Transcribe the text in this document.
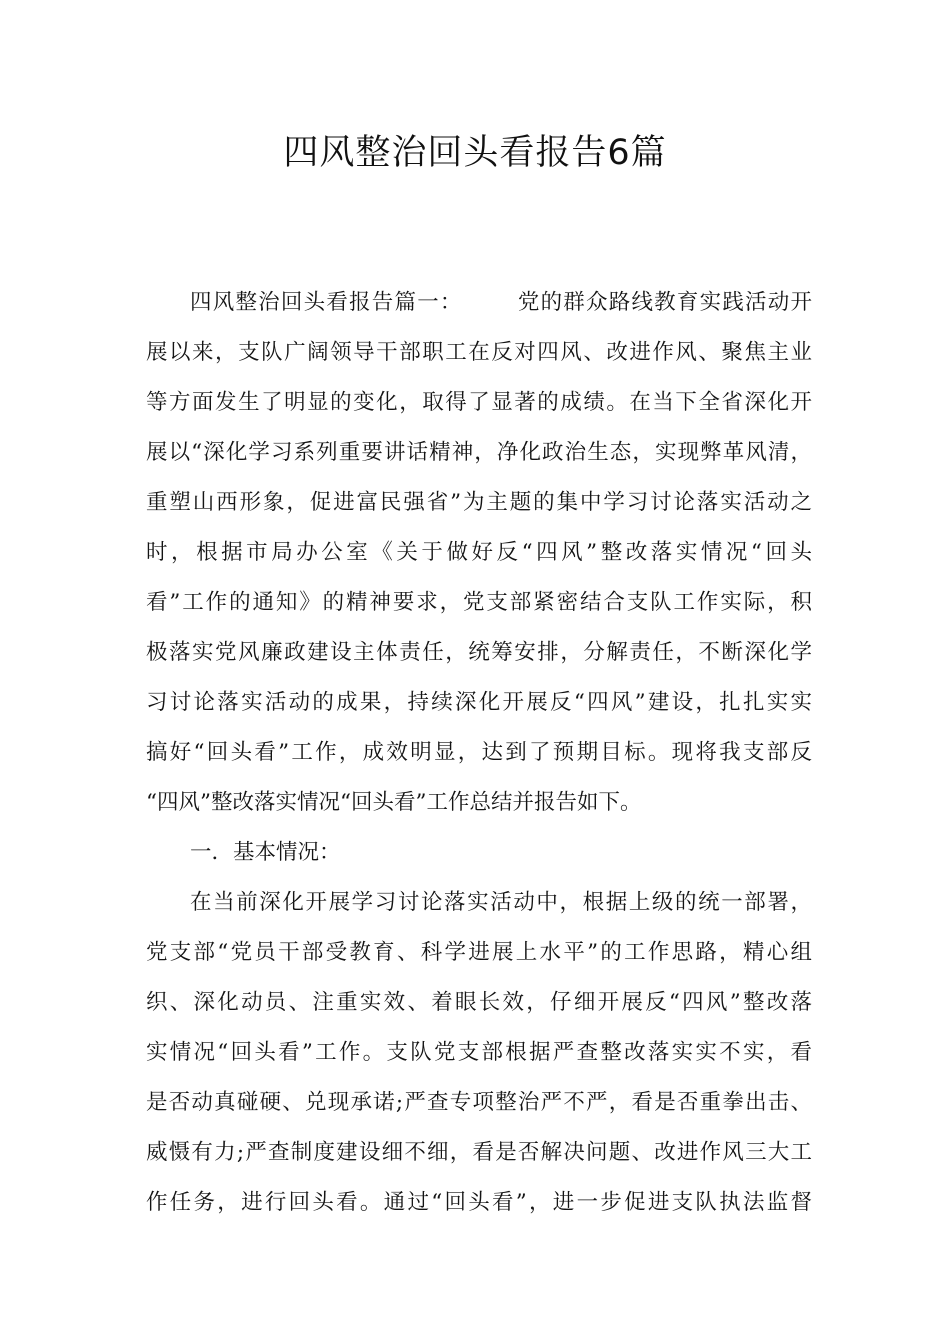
四风整治回头看报告6篇
四风整治回头看报告篇一：	党的群众路线教育实践活动开
展以来，支队广阔领导干部职工在反对四风、改进作风、聚焦主业
等方面发生了明显的变化，取得了显著的成绩。在当下全省深化开
展以“深化学习系列重要讲话精神，净化政治生态，实现弊革风清，
重塑山西形象，促进富民强省”为主题的集中学习讨论落实活动之
时，根据市局办公室《关于做好反“四风”整改落实情况“回头
看”工作的通知》的精神要求，党支部紧密结合支队工作实际，积
极落实党风廉政建设主体责任，统筹安排，分解责任，不断深化学
习讨论落实活动的成果，持续深化开展反“四风”建设，扎扎实实
搞好“回头看”工作，成效明显，达到了预期目标。现将我支部反
“四风”整改落实情况“回头看”工作总结并报告如下。
一．基本情况：
在当前深化开展学习讨论落实活动中，根据上级的统一部署，
党支部“党员干部受教育、科学进展上水平”的工作思路，精心组
织、深化动员、注重实效、着眼长效，仔细开展反“四风”整改落
实情况“回头看”工作。支队党支部根据严查整改落实实不实，看
是否动真碰硬、兑现承诺;严查专项整治严不严，看是否重拳出击、
威慑有力;严查制度建设细不细，看是否解决问题、改进作风三大工
作任务，进行回头看。通过“回头看”，进一步促进支队执法监督
